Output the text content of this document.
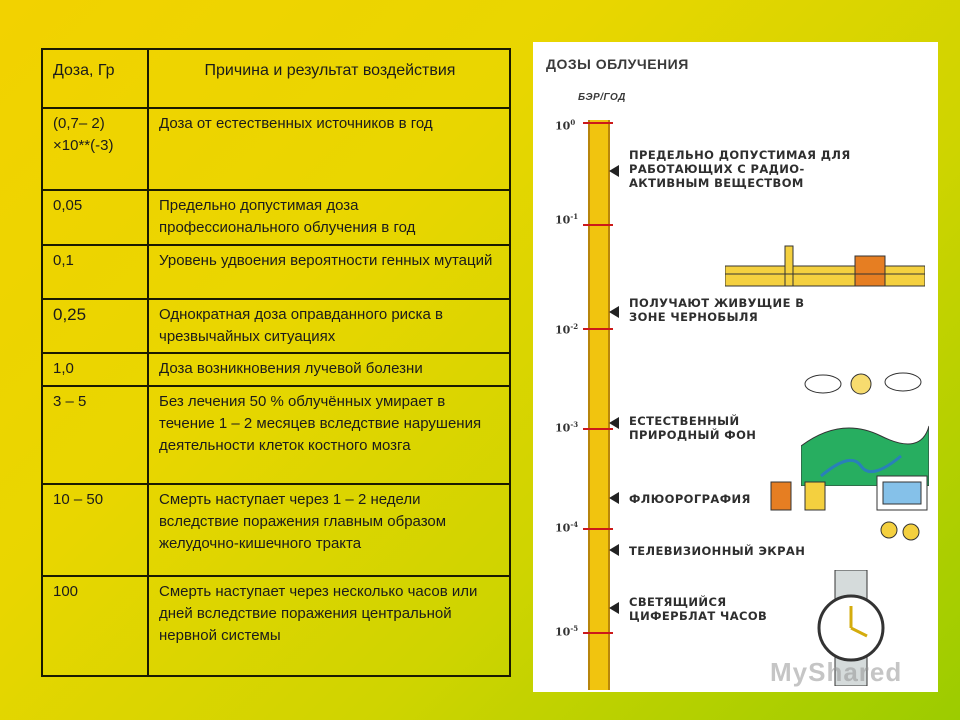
Доза, Гр	Причина и результат воздействия
(0,7– 2) ×10**(-3)	Доза от естественных источников в год
0,05	Предельно допустимая доза профессионального облучения в год
0,1	Уровень удвоения вероятности генных мутаций
0,25	Однократная доза оправданного риска в чрезвычайных ситуациях
1,0	Доза возникновения лучевой болезни
3 – 5	Без лечения 50 % облучённых умирает в течение 1 – 2 месяцев вследствие нарушения деятельности клеток костного мозга
10 – 50	Смерть наступает через 1 – 2 недели вследствие поражения главным образом желудочно-кишечного тракта
100	Смерть наступает через несколько часов или дней вследствие поражения центральной нервной системы
ДОЗЫ ОБЛУЧЕНИЯ
БЭР/ГОД
$10^0$
$10^{-1}$
$10^{-2}$
$10^{-3}$
$10^{-4}$
$10^{-5}$
ПРЕДЕЛЬНО ДОПУСТИМАЯ ДЛЯ РАБОТАЮЩИХ С РАДИО- АКТИВНЫМ ВЕЩЕСТВОМ
ПОЛУЧАЮТ ЖИВУЩИЕ В ЗОНЕ ЧЕРНОБЫЛЯ
ЕСТЕСТВЕННЫЙ ПРИРОДНЫЙ ФОН
ФЛЮОРОГРАФИЯ
ТЕЛЕВИЗИОННЫЙ ЭКРАН
СВЕТЯЩИЙСЯ ЦИФЕРБЛАТ ЧАСОВ
MyShared
